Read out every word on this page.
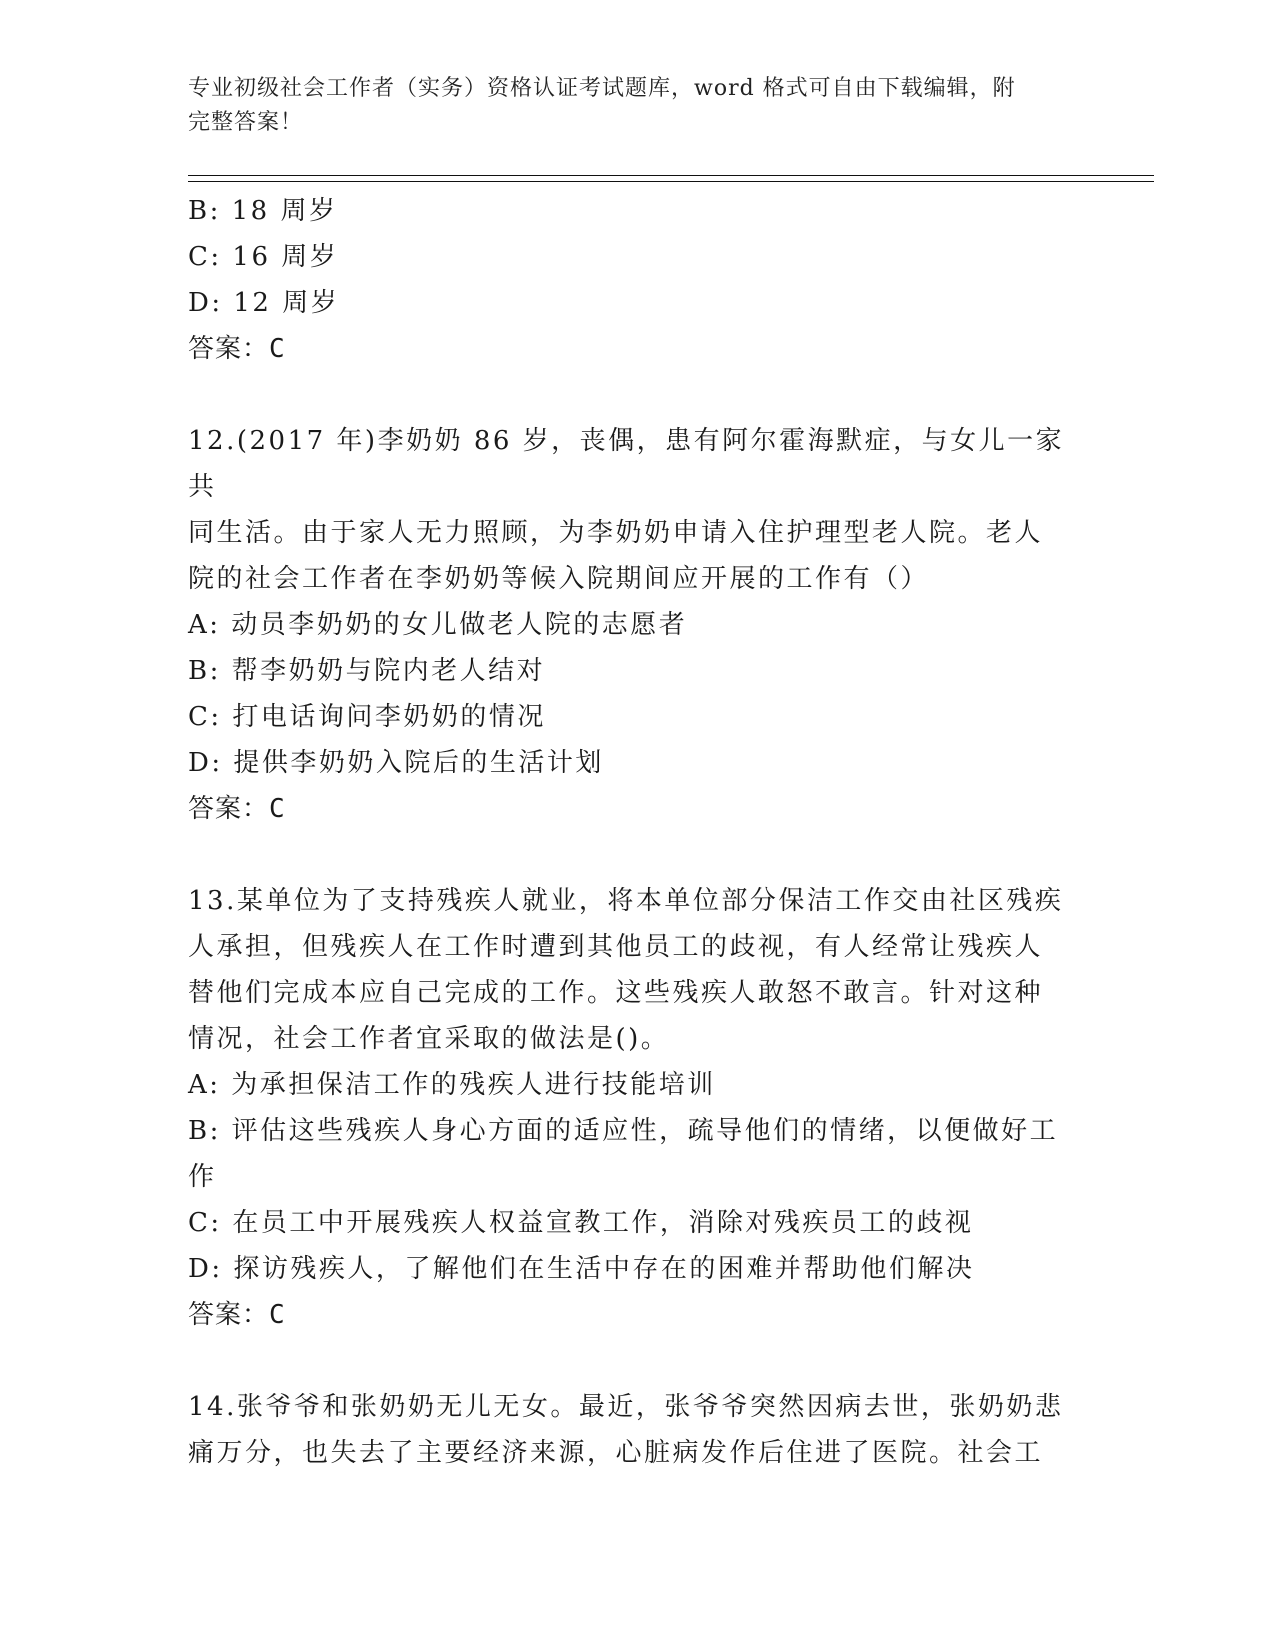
专业初级社会工作者（实务）资格认证考试题库，word 格式可自由下载编辑，附
完整答案！
B: 18 周岁
C: 16 周岁
D: 12 周岁
答案：C
12.(2017 年)李奶奶 86 岁，丧偶，患有阿尔霍海默症，与女儿一家共
同生活。由于家人无力照顾，为李奶奶申请入住护理型老人院。老人
院的社会工作者在李奶奶等候入院期间应开展的工作有（）
A: 动员李奶奶的女儿做老人院的志愿者
B: 帮李奶奶与院内老人结对
C: 打电话询问李奶奶的情况
D: 提供李奶奶入院后的生活计划
答案：C
13.某单位为了支持残疾人就业，将本单位部分保洁工作交由社区残疾
人承担，但残疾人在工作时遭到其他员工的歧视，有人经常让残疾人
替他们完成本应自己完成的工作。这些残疾人敢怒不敢言。针对这种
情况，社会工作者宜采取的做法是()。
A: 为承担保洁工作的残疾人进行技能培训
B: 评估这些残疾人身心方面的适应性，疏导他们的情绪，以便做好工
作
C: 在员工中开展残疾人权益宣教工作，消除对残疾员工的歧视
D: 探访残疾人，了解他们在生活中存在的困难并帮助他们解决
答案：C
14.张爷爷和张奶奶无儿无女。最近，张爷爷突然因病去世，张奶奶悲
痛万分，也失去了主要经济来源，心脏病发作后住进了医院。社会工
